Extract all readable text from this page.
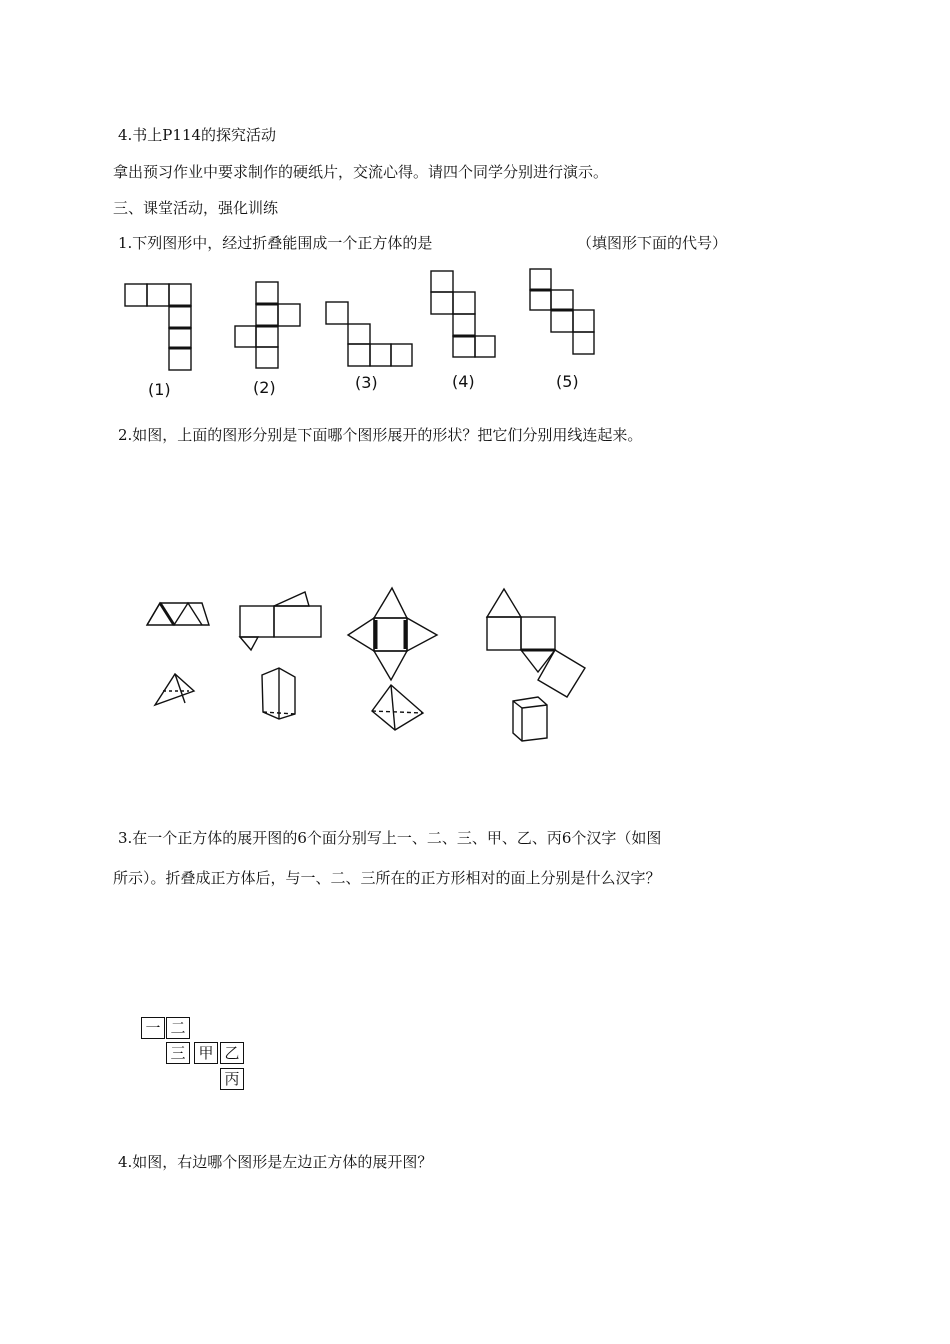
4.书上P114的探究活动
拿出预习作业中要求制作的硬纸片，交流心得。请四个同学分别进行演示。
三、课堂活动，强化训练
1.下列图形中，经过折叠能围成一个正方体的是	（填图形下面的代号）
(1)	(2)	(3)	(4)	(5)
2.如图，上面的图形分别是下面哪个图形展开的形状？把它们分别用线连起来。
3.在一个正方体的展开图的6个面分别写上一、二、三、甲、乙、丙6个汉字（如图
所示）。折叠成正方体后，与一、二、三所在的正方形相对的面上分别是什么汉字？
一 二
三 甲 乙
丙
4.如图，右边哪个图形是左边正方体的展开图？
